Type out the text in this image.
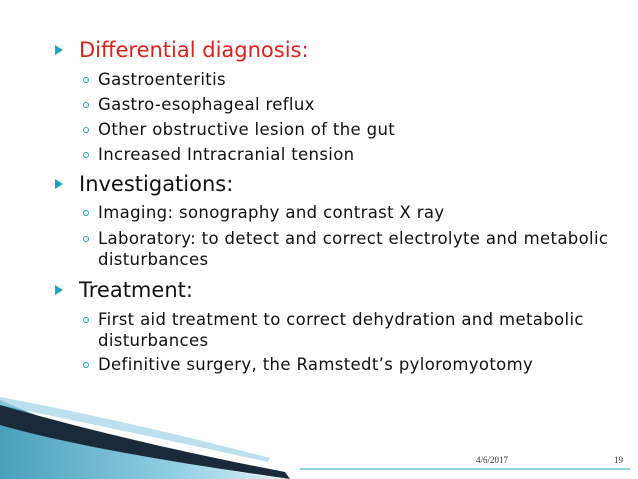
Differential diagnosis:
Gastroenteritis
Gastro-esophageal reflux
Other obstructive lesion of the gut
Increased Intracranial tension
Investigations:
Imaging: sonography and contrast X ray
Laboratory: to detect and correct electrolyte and metabolic disturbances
Treatment:
First aid treatment to correct dehydration and metabolic disturbances
Definitive surgery, the Ramstedt’s pyloromyotomy
4/6/2017	19
